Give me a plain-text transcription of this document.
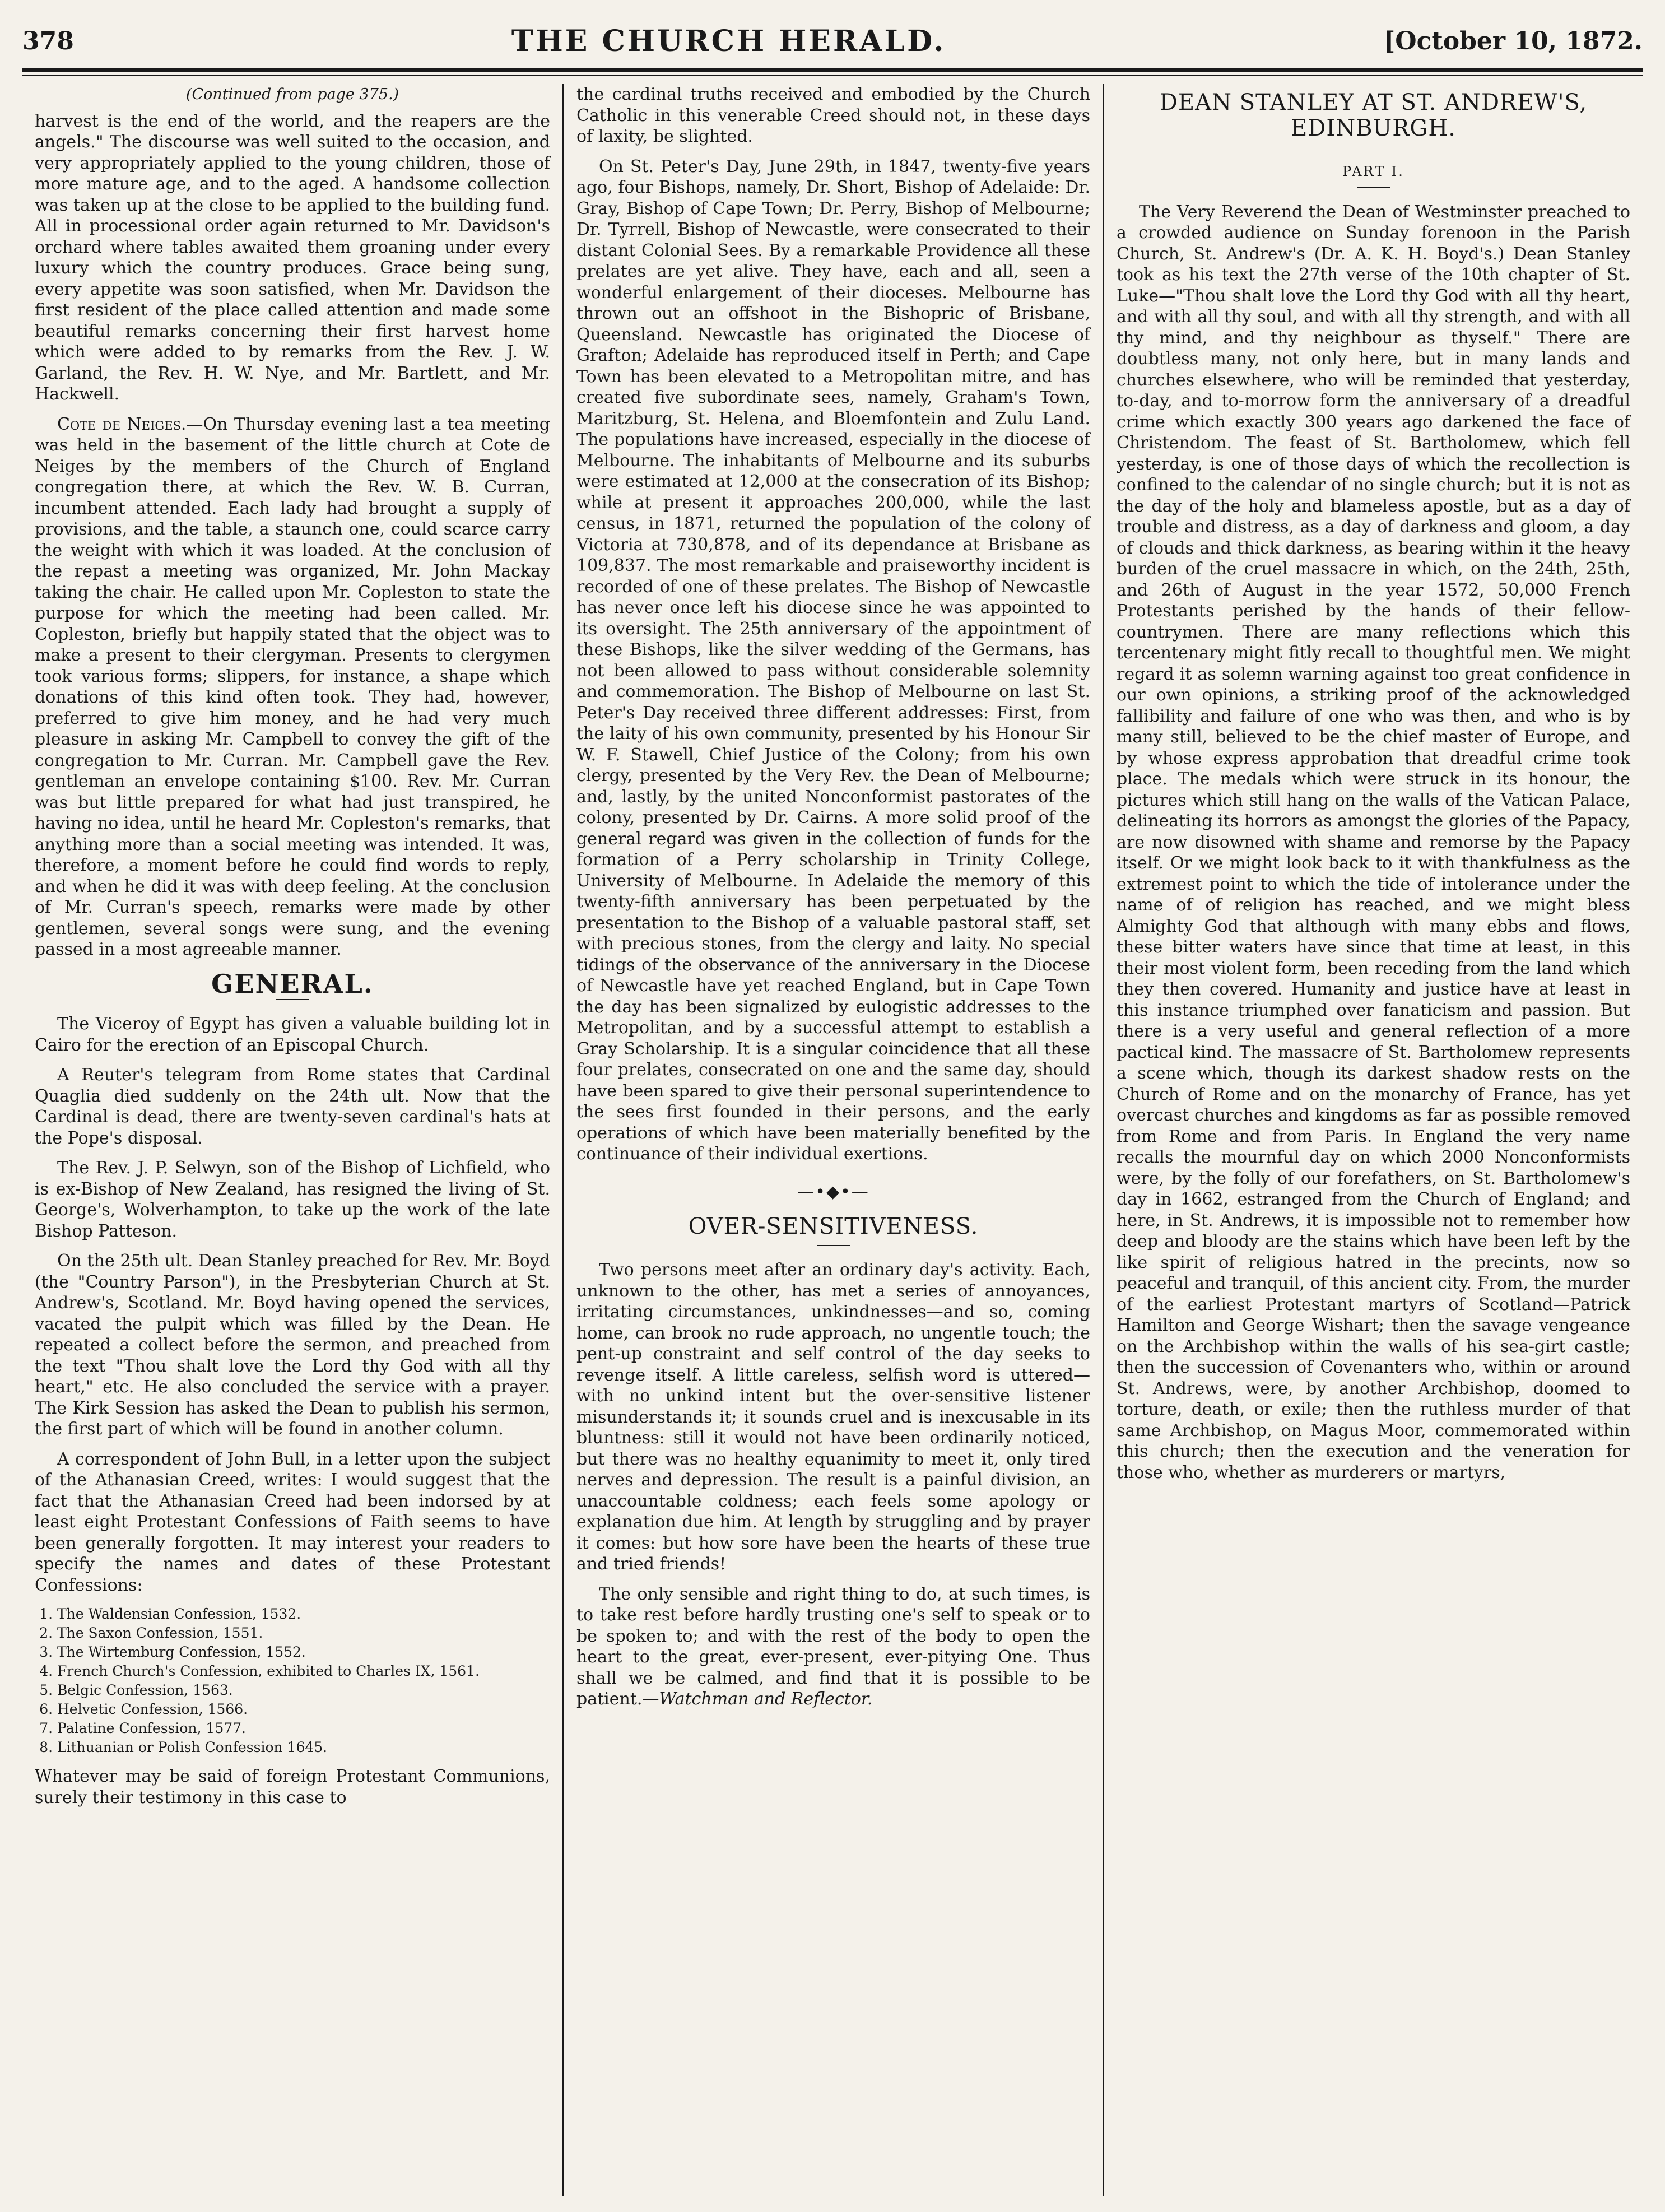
378	THE CHURCH HERALD.	[October 10, 1872.
(Continued from page 375.)

harvest is the end of the world, and the reapers are the angels." The discourse was well suited to the occasion, and very appropriately applied to the young children, those of more mature age, and to the aged. A handsome collection was taken up at the close to be applied to the building fund. All in processional order again returned to Mr. Davidson's orchard where tables awaited them groaning under every luxury which the country produces. Grace being sung, every appetite was soon satisfied, when Mr. Davidson the first resident of the place called attention and made some beautiful remarks concerning their first harvest home which were added to by remarks from the Rev. J. W. Garland, the Rev. H. W. Nye, and Mr. Bartlett, and Mr. Hackwell.

Cote de Neiges.—On Thursday evening last a tea meeting was held in the basement of the little church at Cote de Neiges by the members of the Church of England congregation there, at which the Rev. W. B. Curran, incumbent attended. Each lady had brought a supply of provisions, and the table, a staunch one, could scarce carry the weight with which it was loaded. At the conclusion of the repast a meeting was organized, Mr. John Mackay taking the chair. He called upon Mr. Copleston to state the purpose for which the meeting had been called. Mr. Copleston, briefly but happily stated that the object was to make a present to their clergyman. Presents to clergymen took various forms; slippers, for instance, a shape which donations of this kind often took. They had, however, preferred to give him money, and he had very much pleasure in asking Mr. Campbell to convey the gift of the congregation to Mr. Curran. Mr. Campbell gave the Rev. gentleman an envelope containing $100. Rev. Mr. Curran was but little prepared for what had just transpired, he having no idea, until he heard Mr. Copleston's remarks, that anything more than a social meeting was intended. It was, therefore, a moment before he could find words to reply, and when he did it was with deep feeling. At the conclusion of Mr. Curran's speech, remarks were made by other gentlemen, several songs were sung, and the evening passed in a most agreeable manner.

GENERAL.

The Viceroy of Egypt has given a valuable building lot in Cairo for the erection of an Episcopal Church.

A Reuter's telegram from Rome states that Cardinal Quaglia died suddenly on the 24th ult. Now that the Cardinal is dead, there are twenty-seven cardinal's hats at the Pope's disposal.

The Rev. J. P. Selwyn, son of the Bishop of Lichfield, who is ex-Bishop of New Zealand, has resigned the living of St. George's, Wolverhampton, to take up the work of the late Bishop Patteson.

On the 25th ult. Dean Stanley preached for Rev. Mr. Boyd (the "Country Parson"), in the Presbyterian Church at St. Andrew's, Scotland. Mr. Boyd having opened the services, vacated the pulpit which was filled by the Dean. He repeated a collect before the sermon, and preached from the text "Thou shalt love the Lord thy God with all thy heart," etc. He also concluded the service with a prayer. The Kirk Session has asked the Dean to publish his sermon, the first part of which will be found in another column.

A correspondent of John Bull, in a letter upon the subject of the Athanasian Creed, writes: I would suggest that the fact that the Athanasian Creed had been indorsed by at least eight Protestant Confessions of Faith seems to have been generally forgotten. It may interest your readers to specify the names and dates of these Protestant Confessions:

1. The Waldensian Confession, 1532.
2. The Saxon Confession, 1551.
3. The Wirtemburg Confession, 1552.
4. French Church's Confession, exhibited to Charles IX, 1561.
5. Belgic Confession, 1563.
6. Helvetic Confession, 1566.
7. Palatine Confession, 1577.
8. Lithuanian or Polish Confession 1645.

Whatever may be said of foreign Protestant Communions, surely their testimony in this case to

the cardinal truths received and embodied by the Church Catholic in this venerable Creed should not, in these days of laxity, be slighted.

On St. Peter's Day, June 29th, in 1847, twenty-five years ago, four Bishops, namely, Dr. Short, Bishop of Adelaide: Dr. Gray, Bishop of Cape Town; Dr. Perry, Bishop of Melbourne; Dr. Tyrrell, Bishop of Newcastle, were consecrated to their distant Colonial Sees. By a remarkable Providence all these prelates are yet alive. They have, each and all, seen a wonderful enlargement of their dioceses. Melbourne has thrown out an offshoot in the Bishopric of Brisbane, Queensland. Newcastle has originated the Diocese of Grafton; Adelaide has reproduced itself in Perth; and Cape Town has been elevated to a Metropolitan mitre, and has created five subordinate sees, namely, Graham's Town, Maritzburg, St. Helena, and Bloemfontein and Zulu Land. The populations have increased, especially in the diocese of Melbourne. The inhabitants of Melbourne and its suburbs were estimated at 12,000 at the consecration of its Bishop; while at present it approaches 200,000, while the last census, in 1871, returned the population of the colony of Victoria at 730,878, and of its dependance at Brisbane as 109,837. The most remarkable and praiseworthy incident is recorded of one of these prelates. The Bishop of Newcastle has never once left his diocese since he was appointed to its oversight. The 25th anniversary of the appointment of these Bishops, like the silver wedding of the Germans, has not been allowed to pass without considerable solemnity and commemoration. The Bishop of Melbourne on last St. Peter's Day received three different addresses: First, from the laity of his own community, presented by his Honour Sir W. F. Stawell, Chief Justice of the Colony; from his own clergy, presented by the Very Rev. the Dean of Melbourne; and, lastly, by the united Nonconformist pastorates of the colony, presented by Dr. Cairns. A more solid proof of the general regard was given in the collection of funds for the formation of a Perry scholarship in Trinity College, University of Melbourne. In Adelaide the memory of this twenty-fifth anniversary has been perpetuated by the presentation to the Bishop of a valuable pastoral staff, set with precious stones, from the clergy and laity. No special tidings of the observance of the anniversary in the Diocese of Newcastle have yet reached England, but in Cape Town the day has been signalized by eulogistic addresses to the Metropolitan, and by a successful attempt to establish a Gray Scholarship. It is a singular coincidence that all these four prelates, consecrated on one and the same day, should have been spared to give their personal superintendence to the sees first founded in their persons, and the early operations of which have been materially benefited by the continuance of their individual exertions.

—•◆•—
OVER-SENSITIVENESS.

Two persons meet after an ordinary day's activity. Each, unknown to the other, has met a series of annoyances, irritating circumstances, unkindnesses—and so, coming home, can brook no rude approach, no ungentle touch; the pent-up constraint and self control of the day seeks to revenge itself. A little careless, selfish word is uttered—with no unkind intent but the over-sensitive listener misunderstands it; it sounds cruel and is inexcusable in its bluntness: still it would not have been ordinarily noticed, but there was no healthy equanimity to meet it, only tired nerves and depression. The result is a painful division, an unaccountable coldness; each feels some apology or explanation due him. At length by struggling and by prayer it comes: but how sore have been the hearts of these true and tried friends!

The only sensible and right thing to do, at such times, is to take rest before hardly trusting one's self to speak or to be spoken to; and with the rest of the body to open the heart to the great, ever-present, ever-pitying One. Thus shall we be calmed, and find that it is possible to be patient.—Watchman and Reflector.

DEAN STANLEY AT ST. ANDREW'S, EDINBURGH.
PART I.

The Very Reverend the Dean of Westminster preached to a crowded audience on Sunday forenoon in the Parish Church, St. Andrew's (Dr. A. K. H. Boyd's.) Dean Stanley took as his text the 27th verse of the 10th chapter of St. Luke—"Thou shalt love the Lord thy God with all thy heart, and with all thy soul, and with all thy strength, and with all thy mind, and thy neighbour as thyself." There are doubtless many, not only here, but in many lands and churches elsewhere, who will be reminded that yesterday, to-day, and to-morrow form the anniversary of a dreadful crime which exactly 300 years ago darkened the face of Christendom. The feast of St. Bartholomew, which fell yesterday, is one of those days of which the recollection is confined to the calendar of no single church; but it is not as the day of the holy and blameless apostle, but as a day of trouble and distress, as a day of darkness and gloom, a day of clouds and thick darkness, as bearing within it the heavy burden of the cruel massacre in which, on the 24th, 25th, and 26th of August in the year 1572, 50,000 French Protestants perished by the hands of their fellow-countrymen. There are many reflections which this tercentenary might fitly recall to thoughtful men. We might regard it as solemn warning against too great confidence in our own opinions, a striking proof of the acknowledged fallibility and failure of one who was then, and who is by many still, believed to be the chief master of Europe, and by whose express approbation that dreadful crime took place. The medals which were struck in its honour, the pictures which still hang on the walls of the Vatican Palace, delineating its horrors as amongst the glories of the Papacy, are now disowned with shame and remorse by the Papacy itself. Or we might look back to it with thankfulness as the extremest point to which the tide of intolerance under the name of of religion has reached, and we might bless Almighty God that although with many ebbs and flows, these bitter waters have since that time at least, in this their most violent form, been receding from the land which they then covered. Humanity and justice have at least in this instance triumphed over fanaticism and passion. But there is a very useful and general reflection of a more pactical kind. The massacre of St. Bartholomew represents a scene which, though its darkest shadow rests on the Church of Rome and on the monarchy of France, has yet overcast churches and kingdoms as far as possible removed from Rome and from Paris. In England the very name recalls the mournful day on which 2000 Nonconformists were, by the folly of our forefathers, on St. Bartholomew's day in 1662, estranged from the Church of England; and here, in St. Andrews, it is impossible not to remember how deep and bloody are the stains which have been left by the like spirit of religious hatred in the precints, now so peaceful and tranquil, of this ancient city. From, the murder of the earliest Protestant martyrs of Scotland—Patrick Hamilton and George Wishart; then the savage vengeance on the Archbishop within the walls of his sea-girt castle; then the succession of Covenanters who, within or around St. Andrews, were, by another Archbishop, doomed to torture, death, or exile; then the ruthless murder of that same Archbishop, on Magus Moor, commemorated within this church; then the execution and the veneration for those who, whether as murderers or martyrs,
